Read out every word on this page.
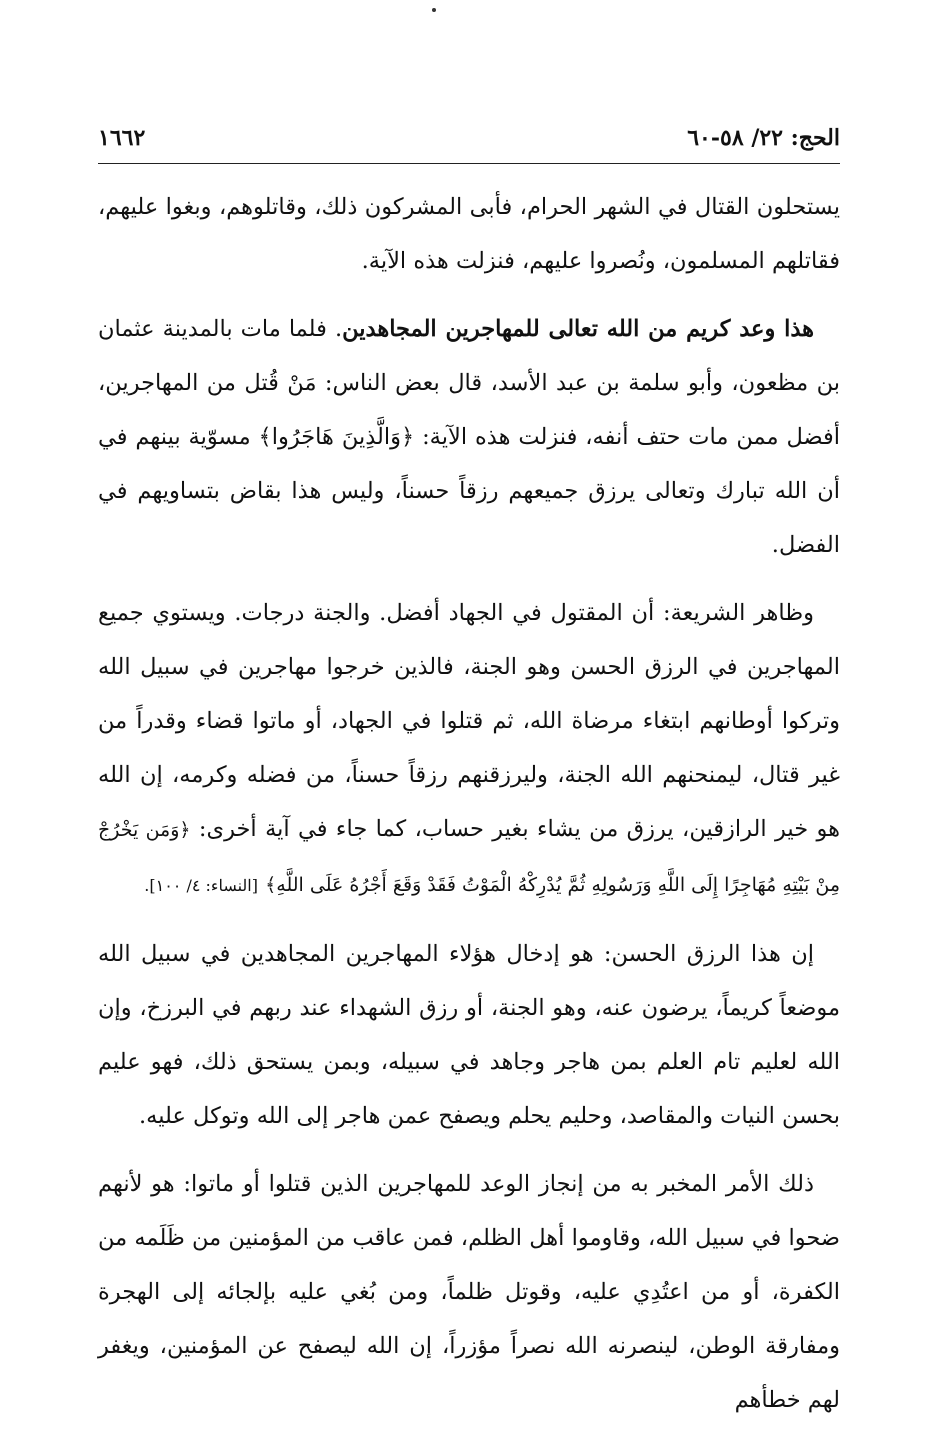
الحج: ٢٢/ ٥٨-٦٠
١٦٦٢

يستحلون القتال في الشهر الحرام، فأبى المشركون ذلك، وقاتلوهم، وبغوا عليهم، فقاتلهم المسلمون، ونُصروا عليهم، فنزلت هذه الآية.

هذا وعد كريم من الله تعالى للمهاجرين المجاهدين. فلما مات بالمدينة عثمان بن مظعون، وأبو سلمة بن عبد الأسد، قال بعض الناس: مَنْ قُتل من المهاجرين، أفضل ممن مات حتف أنفه، فنزلت هذه الآية: ﴿وَالَّذِينَ هَاجَرُوا﴾ مسوّية بينهم في أن الله تبارك وتعالى يرزق جميعهم رزقاً حسناً، وليس هذا بقاض بتساويهم في الفضل.

وظاهر الشريعة: أن المقتول في الجهاد أفضل. والجنة درجات. ويستوي جميع المهاجرين في الرزق الحسن وهو الجنة، فالذين خرجوا مهاجرين في سبيل الله وتركوا أوطانهم ابتغاء مرضاة الله، ثم قتلوا في الجهاد، أو ماتوا قضاء وقدراً من غير قتال، ليمنحنهم الله الجنة، وليرزقنهم رزقاً حسناً، من فضله وكرمه، إن الله هو خير الرازقين، يرزق من يشاء بغير حساب، كما جاء في آية أخرى: ﴿وَمَن يَخْرُجْ مِنْ بَيْتِهِ مُهَاجِرًا إِلَى اللَّهِ وَرَسُولِهِ ثُمَّ يُدْرِكْهُ الْمَوْتُ فَقَدْ وَقَعَ أَجْرُهُ عَلَى اللَّهِ﴾ [النساء: ٤/ ١٠٠].

إن هذا الرزق الحسن: هو إدخال هؤلاء المهاجرين المجاهدين في سبيل الله موضعاً كريماً، يرضون عنه، وهو الجنة، أو رزق الشهداء عند ربهم في البرزخ، وإن الله لعليم تام العلم بمن هاجر وجاهد في سبيله، وبمن يستحق ذلك، فهو عليم بحسن النيات والمقاصد، وحليم يحلم ويصفح عمن هاجر إلى الله وتوكل عليه.

ذلك الأمر المخبر به من إنجاز الوعد للمهاجرين الذين قتلوا أو ماتوا: هو لأنهم ضحوا في سبيل الله، وقاوموا أهل الظلم، فمن عاقب من المؤمنين من ظَلَمه من الكفرة، أو من اعتُدِي عليه، وقوتل ظلماً، ومن بُغي عليه بإلجائه إلى الهجرة ومفارقة الوطن، لينصرنه الله نصراً مؤزراً، إن الله ليصفح عن المؤمنين، ويغفر لهم خطأهم
